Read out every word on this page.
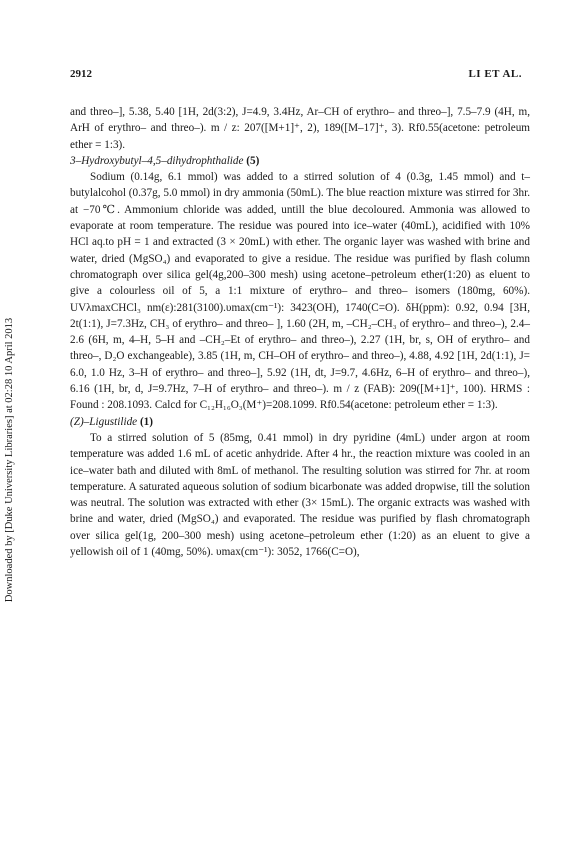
2912	LI ET AL.
Downloaded by [Duke University Libraries] at 02:28 10 April 2013

and threo–], 5.38, 5.40 [1H, 2d(3:2), J=4.9, 3.4Hz, Ar–CH of erythro– and threo–], 7.5–7.9 (4H, m, ArH of erythro– and threo–). m / z: 207([M+1]⁺, 2), 189([M–17]⁺, 3). Rf0.55(acetone: petroleum ether = 1:3).

3–Hydroxybutyl–4,5–dihydrophthalide (5)

Sodium (0.14g, 6.1 mmol) was added to a stirred solution of 4 (0.3g, 1.45 mmol) and t–butylalcohol (0.37g, 5.0 mmol) in dry ammonia (50mL). The blue reaction mixture was stirred for 3hr. at −70℃. Ammonium chloride was added, untill the blue decoloured. Ammonia was allowed to evaporate at room temperature. The residue was poured into ice–water (40mL), acidified with 10% HCl aq.to pH = 1 and extracted (3 × 20mL) with ether. The organic layer was washed with brine and water, dried (MgSO₄) and evaporated to give a residue. The residue was purified by flash column chromatograph over silica gel(4g,200–300 mesh) using acetone–petroleum ether(1:20) as eluent to give a colourless oil of 5, a 1:1 mixture of erythro– and threo– isomers (180mg, 60%). UVλmaxCHCl₃ nm(ε):281(3100).υmax(cm⁻¹): 3423(OH), 1740(C=O). δH(ppm): 0.92, 0.94 [3H, 2t(1:1), J=7.3Hz, CH₃ of erythro– and threo– ], 1.60 (2H, m, –CH₂–CH₃ of erythro– and threo–), 2.4–2.6 (6H, m, 4–H, 5–H and –CH₂–Et of erythro– and threo–), 2.27 (1H, br, s, OH of erythro– and threo–, D₂O exchangeable), 3.85 (1H, m, CH–OH of erythro– and threo–), 4.88, 4.92 [1H, 2d(1:1), J= 6.0, 1.0 Hz, 3–H of erythro– and threo–], 5.92 (1H, dt, J=9.7, 4.6Hz, 6–H of erythro– and threo–), 6.16 (1H, br, d, J=9.7Hz, 7–H of erythro– and threo–). m / z (FAB): 209([M+1]⁺, 100). HRMS : Found : 208.1093. Calcd for C₁₂H₁₆O₃(M⁺)=208.1099. Rf0.54(acetone: petroleum ether = 1:3).

(Z)–Ligustilide (1)

To a stirred solution of 5 (85mg, 0.41 mmol) in dry pyridine (4mL) under argon at room temperature was added 1.6 mL of acetic anhydride. After 4 hr., the reaction mixture was cooled in an ice–water bath and diluted with 8mL of methanol. The resulting solution was stirred for 7hr. at room temperature. A saturated aqueous solution of sodium bicarbonate was added dropwise, till the solution was neutral. The solution was extracted with ether (3× 15mL). The organic extracts was washed with brine and water, dried (MgSO₄) and evaporated. The residue was purified by flash chromatograph over silica gel(1g, 200–300 mesh) using acetone–petroleum ether (1:20) as an eluent to give a yellowish oil of 1 (40mg, 50%). υmax(cm⁻¹): 3052, 1766(C=O),
